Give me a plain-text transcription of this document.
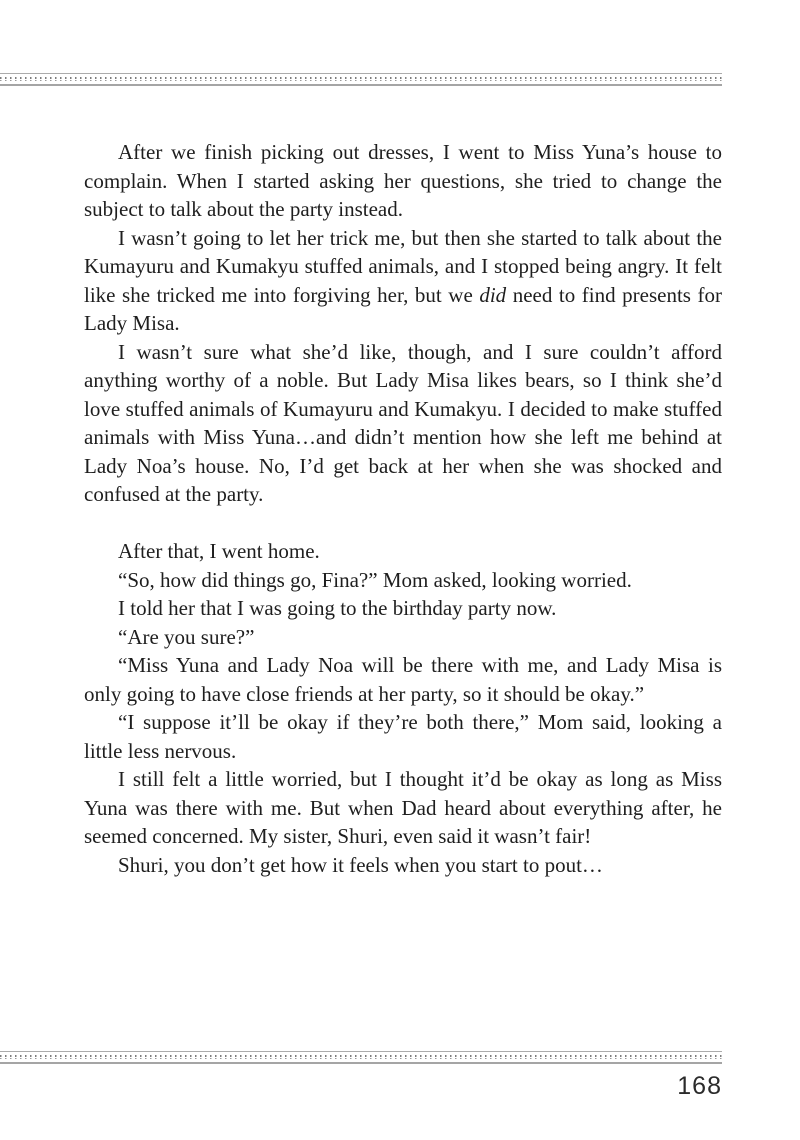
After we finish picking out dresses, I went to Miss Yuna’s house to complain. When I started asking her questions, she tried to change the subject to talk about the party instead.

I wasn’t going to let her trick me, but then she started to talk about the Kumayuru and Kumakyu stuffed animals, and I stopped being angry. It felt like she tricked me into forgiving her, but we did need to find presents for Lady Misa.

I wasn’t sure what she’d like, though, and I sure couldn’t afford anything worthy of a noble. But Lady Misa likes bears, so I think she’d love stuffed animals of Kumayuru and Kumakyu. I decided to make stuffed animals with Miss Yuna…and didn’t mention how she left me behind at Lady Noa’s house. No, I’d get back at her when she was shocked and confused at the party.

After that, I went home.

“So, how did things go, Fina?” Mom asked, looking worried.

I told her that I was going to the birthday party now.

“Are you sure?”

“Miss Yuna and Lady Noa will be there with me, and Lady Misa is only going to have close friends at her party, so it should be okay.”

“I suppose it’ll be okay if they’re both there,” Mom said, looking a little less nervous.

I still felt a little worried, but I thought it’d be okay as long as Miss Yuna was there with me. But when Dad heard about everything after, he seemed concerned. My sister, Shuri, even said it wasn’t fair!

Shuri, you don’t get how it feels when you start to pout…

168
